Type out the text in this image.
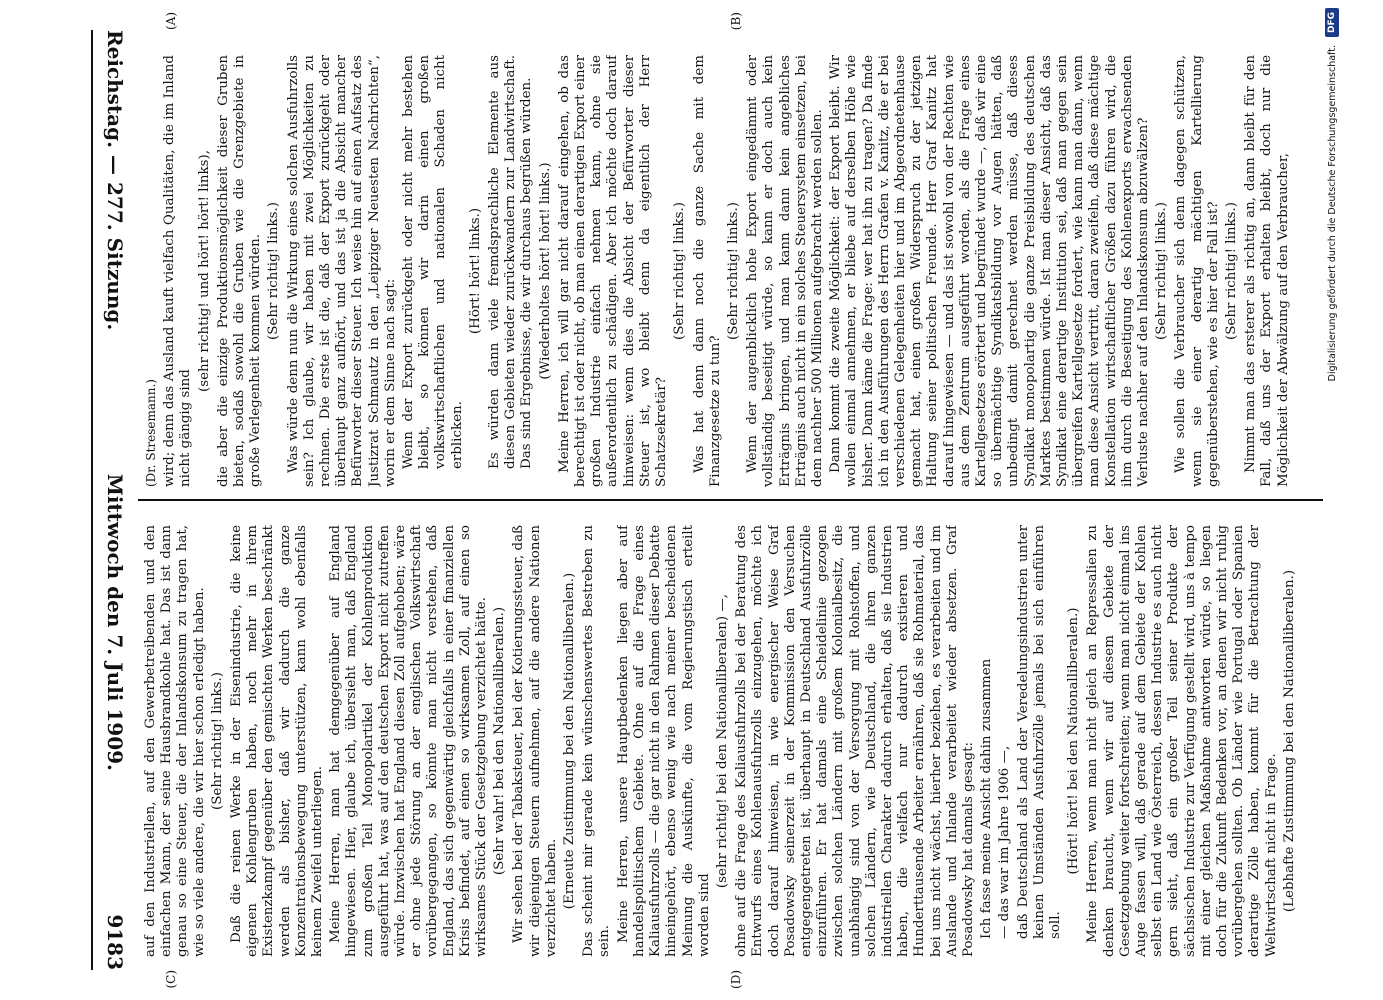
Reichstag. — 277. Sitzung.
Mittwoch den 7. Juli 1909.
9183
(A)	(B)
(C)	(D)

(Dr. Stresemann.) wird; denn das Ausland kauft vielfach Qualitäten, die im Inland nicht gängig sind

(sehr richtig! und hört! hört! links), die aber die einzige Produktionsmöglichkeit dieser Gruben bieten, sodaß sowohl die Gruben wie die Grenzgebiete in große Verlegenheit kommen würden. (Sehr richtig! links.) Was würde denn nun die Wirkung eines solchen Ausfuhrzolls sein? Ich glaube, wir haben mit zwei Möglichkeiten zu rechnen. Die erste ist die, daß der Export zurückgeht oder überhaupt ganz aufhört, und das ist ja die Absicht mancher Befürworter dieser Steuer. Ich weise hin auf einen Aufsatz des Justizrat Schmautz in den „Leipziger Neuesten Nachrichten“, worin er dem Sinne nach sagt: Wenn der Export zurückgeht oder nicht mehr bestehen bleibt, so können wir darin einen großen volkswirtschaftlichen und nationalen Schaden nicht erblicken.

(Hört! hört! links.) Es würden dann viele fremdsprachliche Elemente aus diesen Gebieten wieder zurückwandern zur Landwirtschaft. Das sind Ergebnisse, die wir durchaus begrüßen würden. (Wiederholtes hört! hört! links.) Meine Herren, ich will gar nicht darauf eingehen, ob das berechtigt ist oder nicht, ob man einen derartigen Export einer großen Industrie einfach nehmen kann, ohne sie außerordentlich zu schädigen. Aber ich möchte doch darauf hinweisen: wenn dies die Absicht der Befürworter dieser Steuer ist, wo bleibt denn da eigentlich der Herr Schatzsekretär?

(Sehr richtig! links.) Was hat denn dann noch die ganze Sache mit dem Finanzgesetze zu tun?

(Sehr richtig! links.) Wenn der augenblicklich hohe Export eingedämmt oder vollständig beseitigt würde, so kann er doch auch kein Erträgnis bringen, und man kann dann kein angebliches Erträgnis auch nicht in ein solches Steuersystem einsetzen, bei dem nachher 500 Millionen aufgebracht werden sollen. Dann kommt die zweite Möglichkeit: der Export bleibt. Wir wollen einmal annehmen, er bliebe auf derselben Höhe wie bisher. Dann käme die Frage: wer hat ihn zu tragen? Da finde ich in den Ausführungen des Herrn Grafen v. Kanitz, die er bei verschiedenen Gelegenheiten hier und im Abgeordnetenhause gemacht hat, einen großen Widerspruch zu der jetzigen Haltung seiner politischen Freunde. Herr Graf Kanitz hat darauf hingewiesen — und das ist sowohl von der Rechten wie aus dem Zentrum ausgeführt worden, als die Frage eines Kartellgesetzes erörtert und begründet wurde —, daß wir eine so übermächtige Syndikatsbildung vor Augen hätten, daß unbedingt damit gerechnet werden müsse, daß dieses Syndikat monopolartig die ganze Preisbildung des deutschen Marktes bestimmen würde. Ist man dieser Ansicht, daß das Syndikat eine derartige Institution sei, daß man gegen sein übergreifen Kartellgesetze fordert, wie kann man dann, wenn man diese Ansicht vertritt, daran zweifeln, daß diese mächtige Konstellation wirtschaftlicher Größen dazu führen wird, die ihm durch die Beseitigung des Kohlenexports erwachsenden Verluste nachher auf den Inlandskonsum abzuwälzen? (Sehr richtig! links.) Wie sollen die Verbraucher sich denn dagegen schützen, wenn sie einer derartig mächtigen Kartellierung gegenüberstehen, wie es hier der Fall ist? (Sehr richtig! links.) Nimmt man das ersterer als richtig an, dann bleibt für den Fall, daß uns der Export erhalten bleibt, doch nur die Möglichkeit der Abwälzung auf den Verbraucher,

auf den Industriellen, auf den Gewerbetreibenden und den einfachen Mann, der seine Hausbrandkohle hat. Das ist dann genau so eine Steuer, die der Inlandskonsum zu tragen hat, wie so viele andere, die wir hier schon erledigt haben. (Sehr richtig! links.) Daß die reinen Werke in der Eisenindustrie, die keine eigenen Kohlengruben haben, noch mehr in ihrem Existenzkampf gegenüber den gemischten Werken beschränkt werden als bisher, daß wir dadurch die ganze Konzentrationsbewegung unterstützen, kann wohl ebenfalls keinem Zweifel unterliegen. Meine Herren, man hat demgegenüber auf England hingewiesen. Hier, glaube ich, übersieht man, daß England zum großen Teil Monopolartikel der Kohlenproduktion ausgeführt hat, was auf den deutschen Export nicht zutreffen würde. Inzwischen hat England diesen Zoll aufgehoben; wäre er ohne jede Störung an der englischen Volkswirtschaft vorübergegangen, so könnte man nicht verstehen, daß England, das sich gegenwärtig gleichfalls in einer finanziellen Krisis befindet, auf einen so wirksamen Zoll, auf einen so wirksames Stück der Gesetzgebung verzichtet hätte. (Sehr wahr! bei den Nationalliberalen.) Wir sehen bei der Tabaksteuer, bei der Kotierungssteuer, daß wir diejenigen Steuern aufnehmen, auf die andere Nationen verzichtet haben. (Erneute Zustimmung bei den Nationalliberalen.) Das scheint mir gerade kein wünschenswertes Bestreben zu sein. Meine Herren, unsere Hauptbedenken liegen aber auf handelspolitischem Gebiete. Ohne auf die Frage eines Kaliausfuhrzolls — die gar nicht in den Rahmen dieser Debatte hineingehört, ebenso wenig wie nach meiner bescheidenen Meinung die Auskünfte, die vom Regierungstisch erteilt worden sind

(sehr richtig! bei den Nationalliberalen) —, ohne auf die Frage des Kaliausfuhrzolls bei der Beratung des Entwurfs eines Kohlenausfuhrzolls einzugehen, möchte ich doch darauf hinweisen, in wie energischer Weise Graf Posadowsky seinerzeit in der Kommission den Versuchen entgegengetreten ist, überhaupt in Deutschland Ausfuhrzölle einzuführen. Er hat damals eine Scheidelinie gezogen zwischen solchen Ländern mit großem Kolonialbesitz, die unabhängig sind von der Versorgung mit Rohstoffen, und solchen Ländern, wie Deutschland, die ihren ganzen industriellen Charakter dadurch erhalten, daß sie Industrien haben, die vielfach nur dadurch existieren und Hunderttausende Arbeiter ernähren, daß sie Rohmaterial, das bei uns nicht wächst, hierher beziehen, es verarbeiten und im Auslande und Inlande verarbeitet wieder absetzen. Graf Posadowsky hat damals gesagt: Ich fasse meine Ansicht dahin zusammen — das war im Jahre 1906 —, daß Deutschland als Land der Veredelungsindustrien unter keinen Umständen Ausfuhrzölle jemals bei sich einführen soll.

(Hört! hört! bei den Nationalliberalen.) Meine Herren, wenn man nicht gleich an Repressalien zu denken braucht, wenn wir auf diesem Gebiete der Gesetzgebung weiter fortschreiten; wenn man nicht einmal ins Auge fassen will, daß gerade auf dem Gebiete der Kohlen selbst ein Land wie Österreich, dessen Industrie es auch nicht gern sieht, daß ein großer Teil seiner Produkte der sächsischen Industrie zur Verfügung gestellt wird, uns à tempo mit einer gleichen Maßnahme antworten würde, so liegen doch für die Zukunft Bedenken vor, an denen wir nicht ruhig vorübergehen sollten. Ob Länder wie Portugal oder Spanien derartige Zölle haben, kommt für die Betrachtung der Weltwirtschaft nicht in Frage. (Lebhafte Zustimmung bei den Nationalliberalen.)

Digitalisierung gefördert durch die Deutsche Forschungsgemeinschaft.
DFG
